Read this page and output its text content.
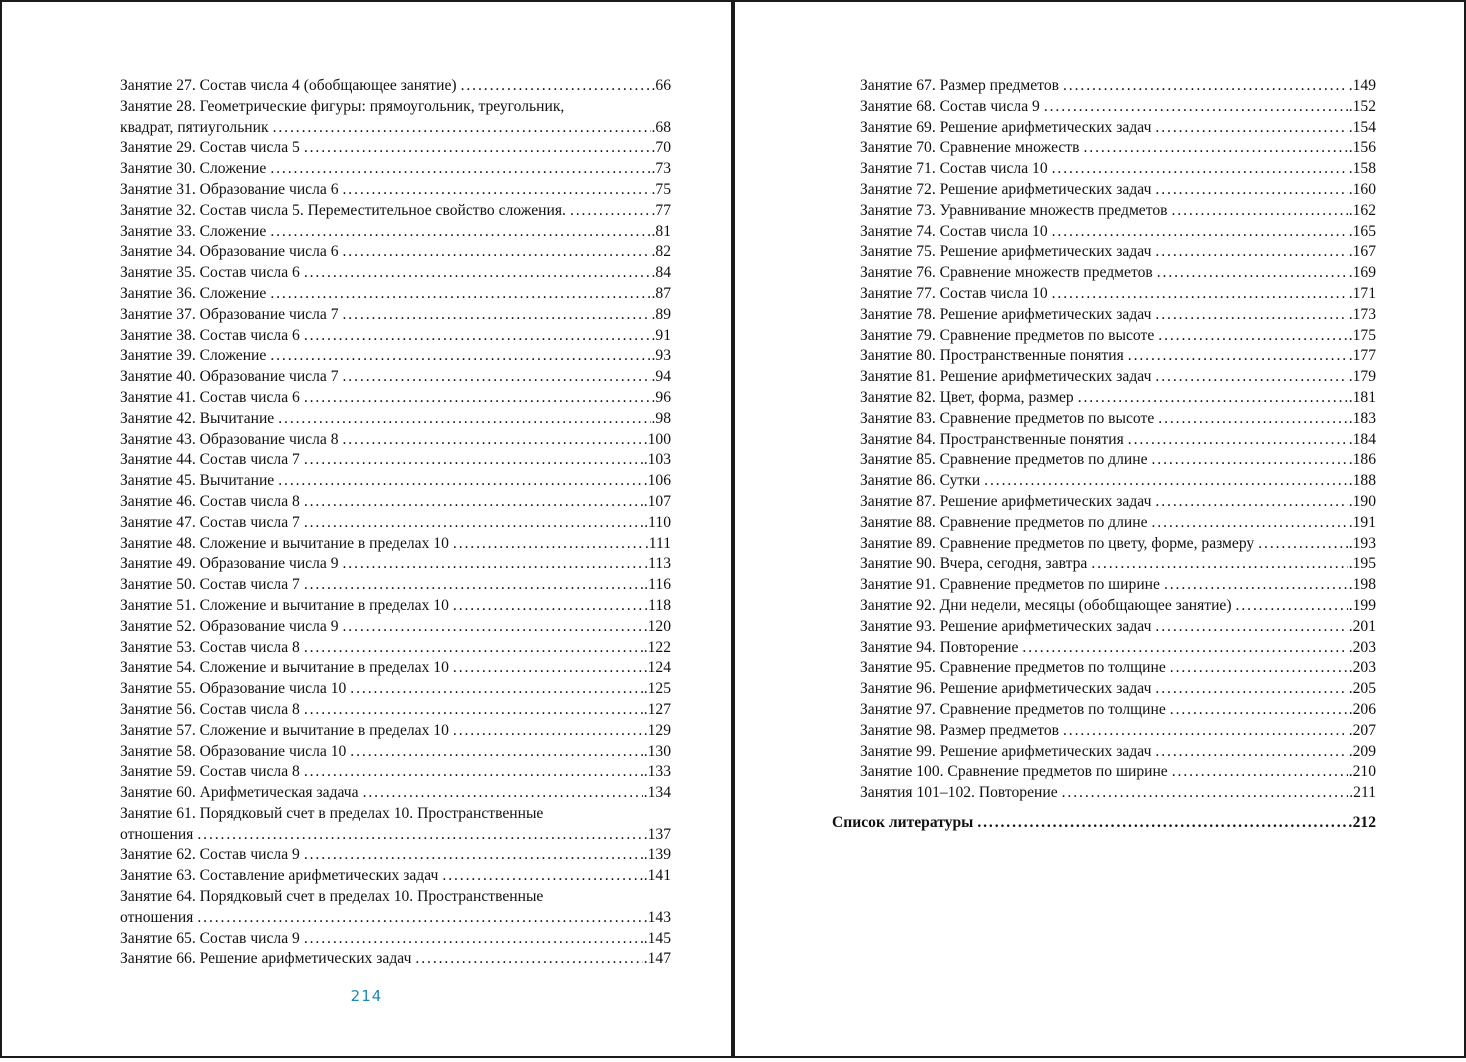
Занятие 27. Состав числа 4 (обобщающее занятие) . . .	.66
Занятие 28. Геометрические фигуры: прямоугольник, треугольник,
квадрат, пятиугольник . . .	.68
Занятие 29. Состав числа 5 . . .	.70
Занятие 30. Сложение . . .	.73
Занятие 31. Образование числа 6 . . .	.75
Занятие 32. Состав числа 5. Переместительное свойство сложения. . . .	.77
Занятие 33. Сложение . . .	.81
Занятие 34. Образование числа 6 . . .	.82
Занятие 35. Состав числа 6 . . .	.84
Занятие 36. Сложение . . .	.87
Занятие 37. Образование числа 7 . . .	.89
Занятие 38. Состав числа 6 . . .	.91
Занятие 39. Сложение . . .	.93
Занятие 40. Образование числа 7 . . .	.94
Занятие 41. Состав числа 6 . . .	.96
Занятие 42. Вычитание . . .	.98
Занятие 43. Образование числа 8 . . .	.100
Занятие 44. Состав числа 7 . . .	.103
Занятие 45. Вычитание . . .	.106
Занятие 46. Состав числа 8 . . .	.107
Занятие 47. Состав числа 7 . . .	.110
Занятие 48. Сложение и вычитание в пределах 10 . . .	.111
Занятие 49. Образование числа 9 . . .	.113
Занятие 50. Состав числа 7 . . .	.116
Занятие 51. Сложение и вычитание в пределах 10 . . .	.118
Занятие 52. Образование числа 9 . . .	.120
Занятие 53. Состав числа 8 . . .	.122
Занятие 54. Сложение и вычитание в пределах 10 . . .	.124
Занятие 55. Образование числа 10 . . .	.125
Занятие 56. Состав числа 8 . . .	.127
Занятие 57. Сложение и вычитание в пределах 10 . . .	.129
Занятие 58. Образование числа 10 . . .	.130
Занятие 59. Состав числа 8 . . .	.133
Занятие 60. Арифметическая задача . . .	.134
Занятие 61. Порядковый счет в пределах 10. Пространственные
отношения . . .	.137
Занятие 62. Состав числа 9 . . .	.139
Занятие 63. Составление арифметических задач . . .	.141
Занятие 64. Порядковый счет в пределах 10. Пространственные
отношения . . .	.143
Занятие 65. Состав числа 9 . . .	.145
Занятие 66. Решение арифметических задач . . .	.147
214
Занятие 67. Размер предметов . . .	.149
Занятие 68. Состав числа 9 . . .	.152
Занятие 69. Решение арифметических задач . . .	.154
Занятие 70. Сравнение множеств . . .	.156
Занятие 71. Состав числа 10 . . .	.158
Занятие 72. Решение арифметических задач . . .	.160
Занятие 73. Уравнивание множеств предметов . . .	.162
Занятие 74. Состав числа 10 . . .	.165
Занятие 75. Решение арифметических задач . . .	.167
Занятие 76. Сравнение множеств предметов . . .	.169
Занятие 77. Состав числа 10 . . .	.171
Занятие 78. Решение арифметических задач . . .	.173
Занятие 79. Сравнение предметов по высоте . . .	.175
Занятие 80. Пространственные понятия . . .	.177
Занятие 81. Решение арифметических задач . . .	.179
Занятие 82. Цвет, форма, размер . . .	.181
Занятие 83. Сравнение предметов по высоте . . .	.183
Занятие 84. Пространственные понятия . . .	.184
Занятие 85. Сравнение предметов по длине . . .	.186
Занятие 86. Сутки . . .	.188
Занятие 87. Решение арифметических задач . . .	.190
Занятие 88. Сравнение предметов по длине . . .	.191
Занятие 89. Сравнение предметов по цвету, форме, размеру . . .	.193
Занятие 90. Вчера, сегодня, завтра . . .	.195
Занятие 91. Сравнение предметов по ширине . . .	.198
Занятие 92. Дни недели, месяцы (обобщающее занятие) . . .	.199
Занятие 93. Решение арифметических задач . . .	.201
Занятие 94. Повторение . . .	.203
Занятие 95. Сравнение предметов по толщине . . .	.203
Занятие 96. Решение арифметических задач . . .	.205
Занятие 97. Сравнение предметов по толщине . . .	.206
Занятие 98. Размер предметов . . .	.207
Занятие 99. Решение арифметических задач . . .	.209
Занятие 100. Сравнение предметов по ширине . . .	.210
Занятия 101–102. Повторение . . .	.211
Список литературы . . .	212
